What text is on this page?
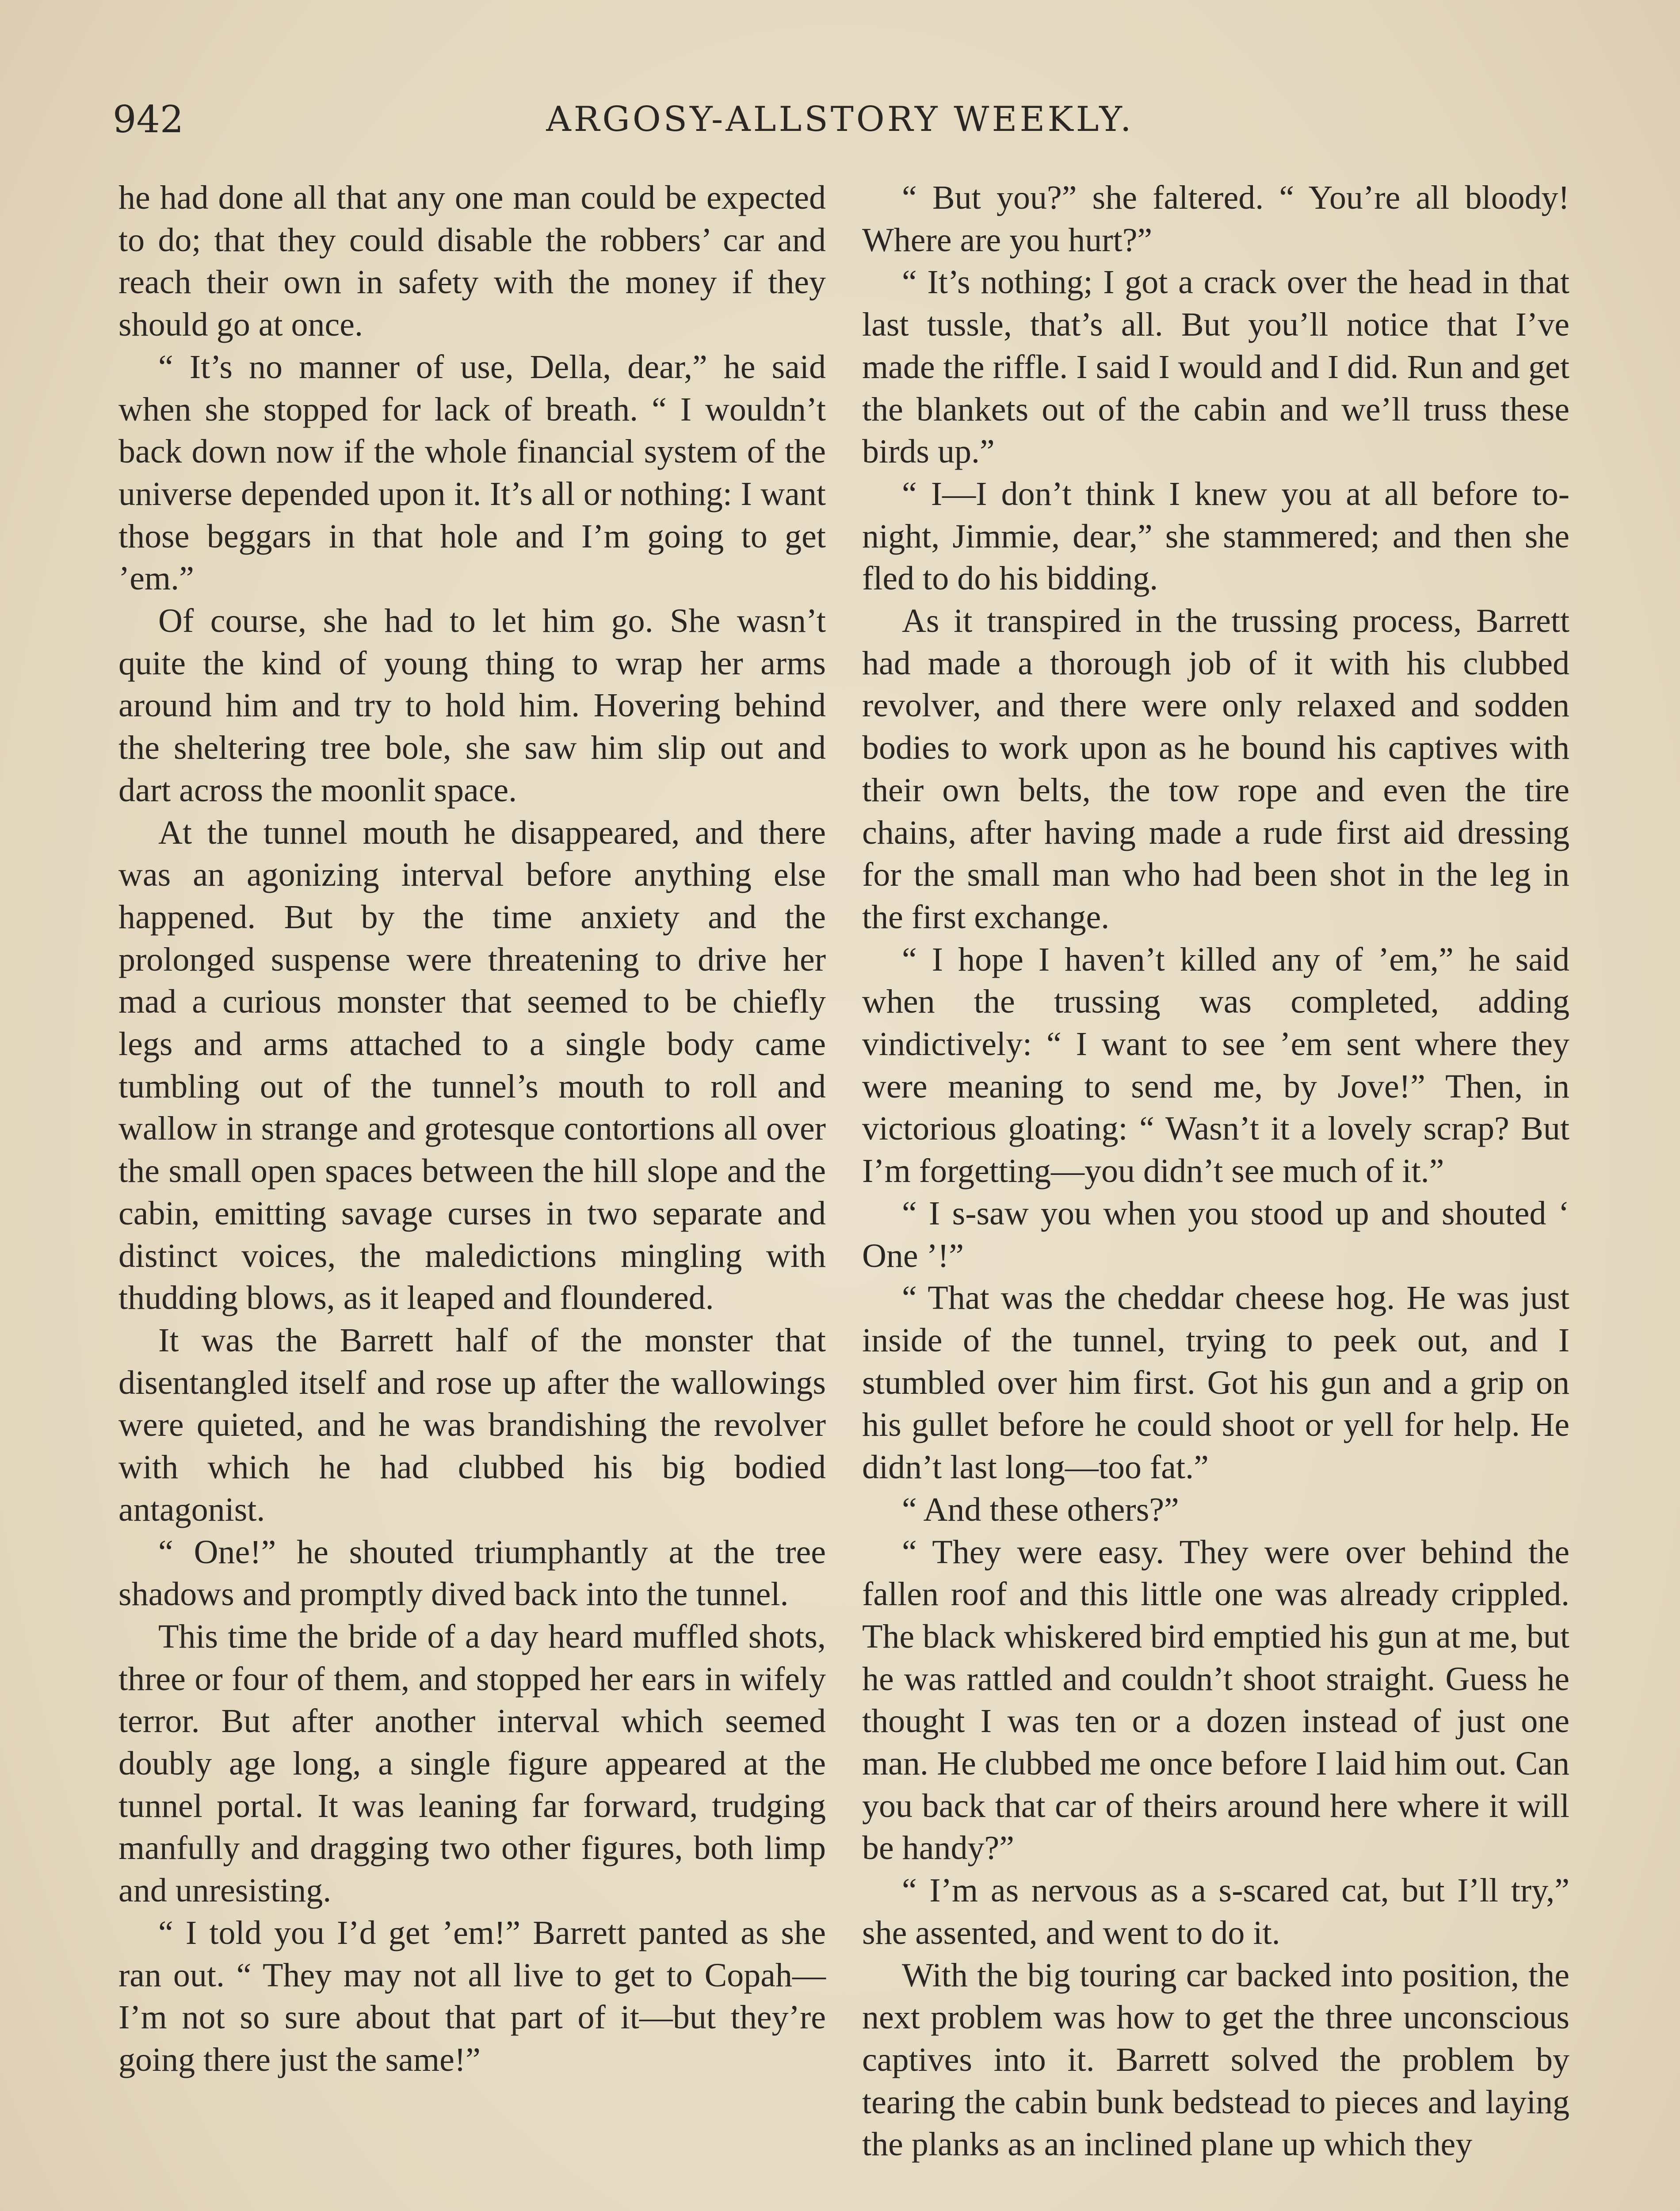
942	ARGOSY-ALLSTORY WEEKLY.

he had done all that any one man could be expected to do; that they could disable the robbers’ car and reach their own in safety with the money if they should go at once.

“ It’s no manner of use, Della, dear,” he said when she stopped for lack of breath. “ I wouldn’t back down now if the whole financial system of the universe depended upon it. It’s all or nothing: I want those beggars in that hole and I’m going to get ’em.”

Of course, she had to let him go. She wasn’t quite the kind of young thing to wrap her arms around him and try to hold him. Hovering behind the sheltering tree bole, she saw him slip out and dart across the moonlit space.

At the tunnel mouth he disappeared, and there was an agonizing interval before anything else happened. But by the time anxiety and the prolonged suspense were threatening to drive her mad a curious monster that seemed to be chiefly legs and arms attached to a single body came tumbling out of the tunnel’s mouth to roll and wallow in strange and grotesque contortions all over the small open spaces between the hill slope and the cabin, emitting savage curses in two separate and distinct voices, the maledictions mingling with thudding blows, as it leaped and floundered.

It was the Barrett half of the monster that disentangled itself and rose up after the wallowings were quieted, and he was brandishing the revolver with which he had clubbed his big bodied antagonist.

“ One!” he shouted triumphantly at the tree shadows and promptly dived back into the tunnel.

This time the bride of a day heard muffled shots, three or four of them, and stopped her ears in wifely terror. But after another interval which seemed doubly age long, a single figure appeared at the tunnel portal. It was leaning far forward, trudging manfully and dragging two other figures, both limp and unresisting.

“ I told you I’d get ’em!” Barrett panted as she ran out. “ They may not all live to get to Copah—I’m not so sure about that part of it—but they’re going there just the same!”

“ But you?” she faltered. “ You’re all bloody! Where are you hurt?”

“ It’s nothing; I got a crack over the head in that last tussle, that’s all. But you’ll notice that I’ve made the riffle. I said I would and I did. Run and get the blankets out of the cabin and we’ll truss these birds up.”

“ I—I don’t think I knew you at all before to-night, Jimmie, dear,” she stammered; and then she fled to do his bidding.

As it transpired in the trussing process, Barrett had made a thorough job of it with his clubbed revolver, and there were only relaxed and sodden bodies to work upon as he bound his captives with their own belts, the tow rope and even the tire chains, after having made a rude first aid dressing for the small man who had been shot in the leg in the first exchange.

“ I hope I haven’t killed any of ’em,” he said when the trussing was completed, adding vindictively: “ I want to see ’em sent where they were meaning to send me, by Jove!” Then, in victorious gloating: “ Wasn’t it a lovely scrap? But I’m forgetting—you didn’t see much of it.”

“ I s-saw you when you stood up and shouted ‘ One ’!”

“ That was the cheddar cheese hog. He was just inside of the tunnel, trying to peek out, and I stumbled over him first. Got his gun and a grip on his gullet before he could shoot or yell for help. He didn’t last long—too fat.”

“ And these others?”

“ They were easy. They were over behind the fallen roof and this little one was already crippled. The black whiskered bird emptied his gun at me, but he was rattled and couldn’t shoot straight. Guess he thought I was ten or a dozen instead of just one man. He clubbed me once before I laid him out. Can you back that car of theirs around here where it will be handy?”

“ I’m as nervous as a s-scared cat, but I’ll try,” she assented, and went to do it.

With the big touring car backed into position, the next problem was how to get the three unconscious captives into it. Barrett solved the problem by tearing the cabin bunk bedstead to pieces and laying the planks as an inclined plane up which they
